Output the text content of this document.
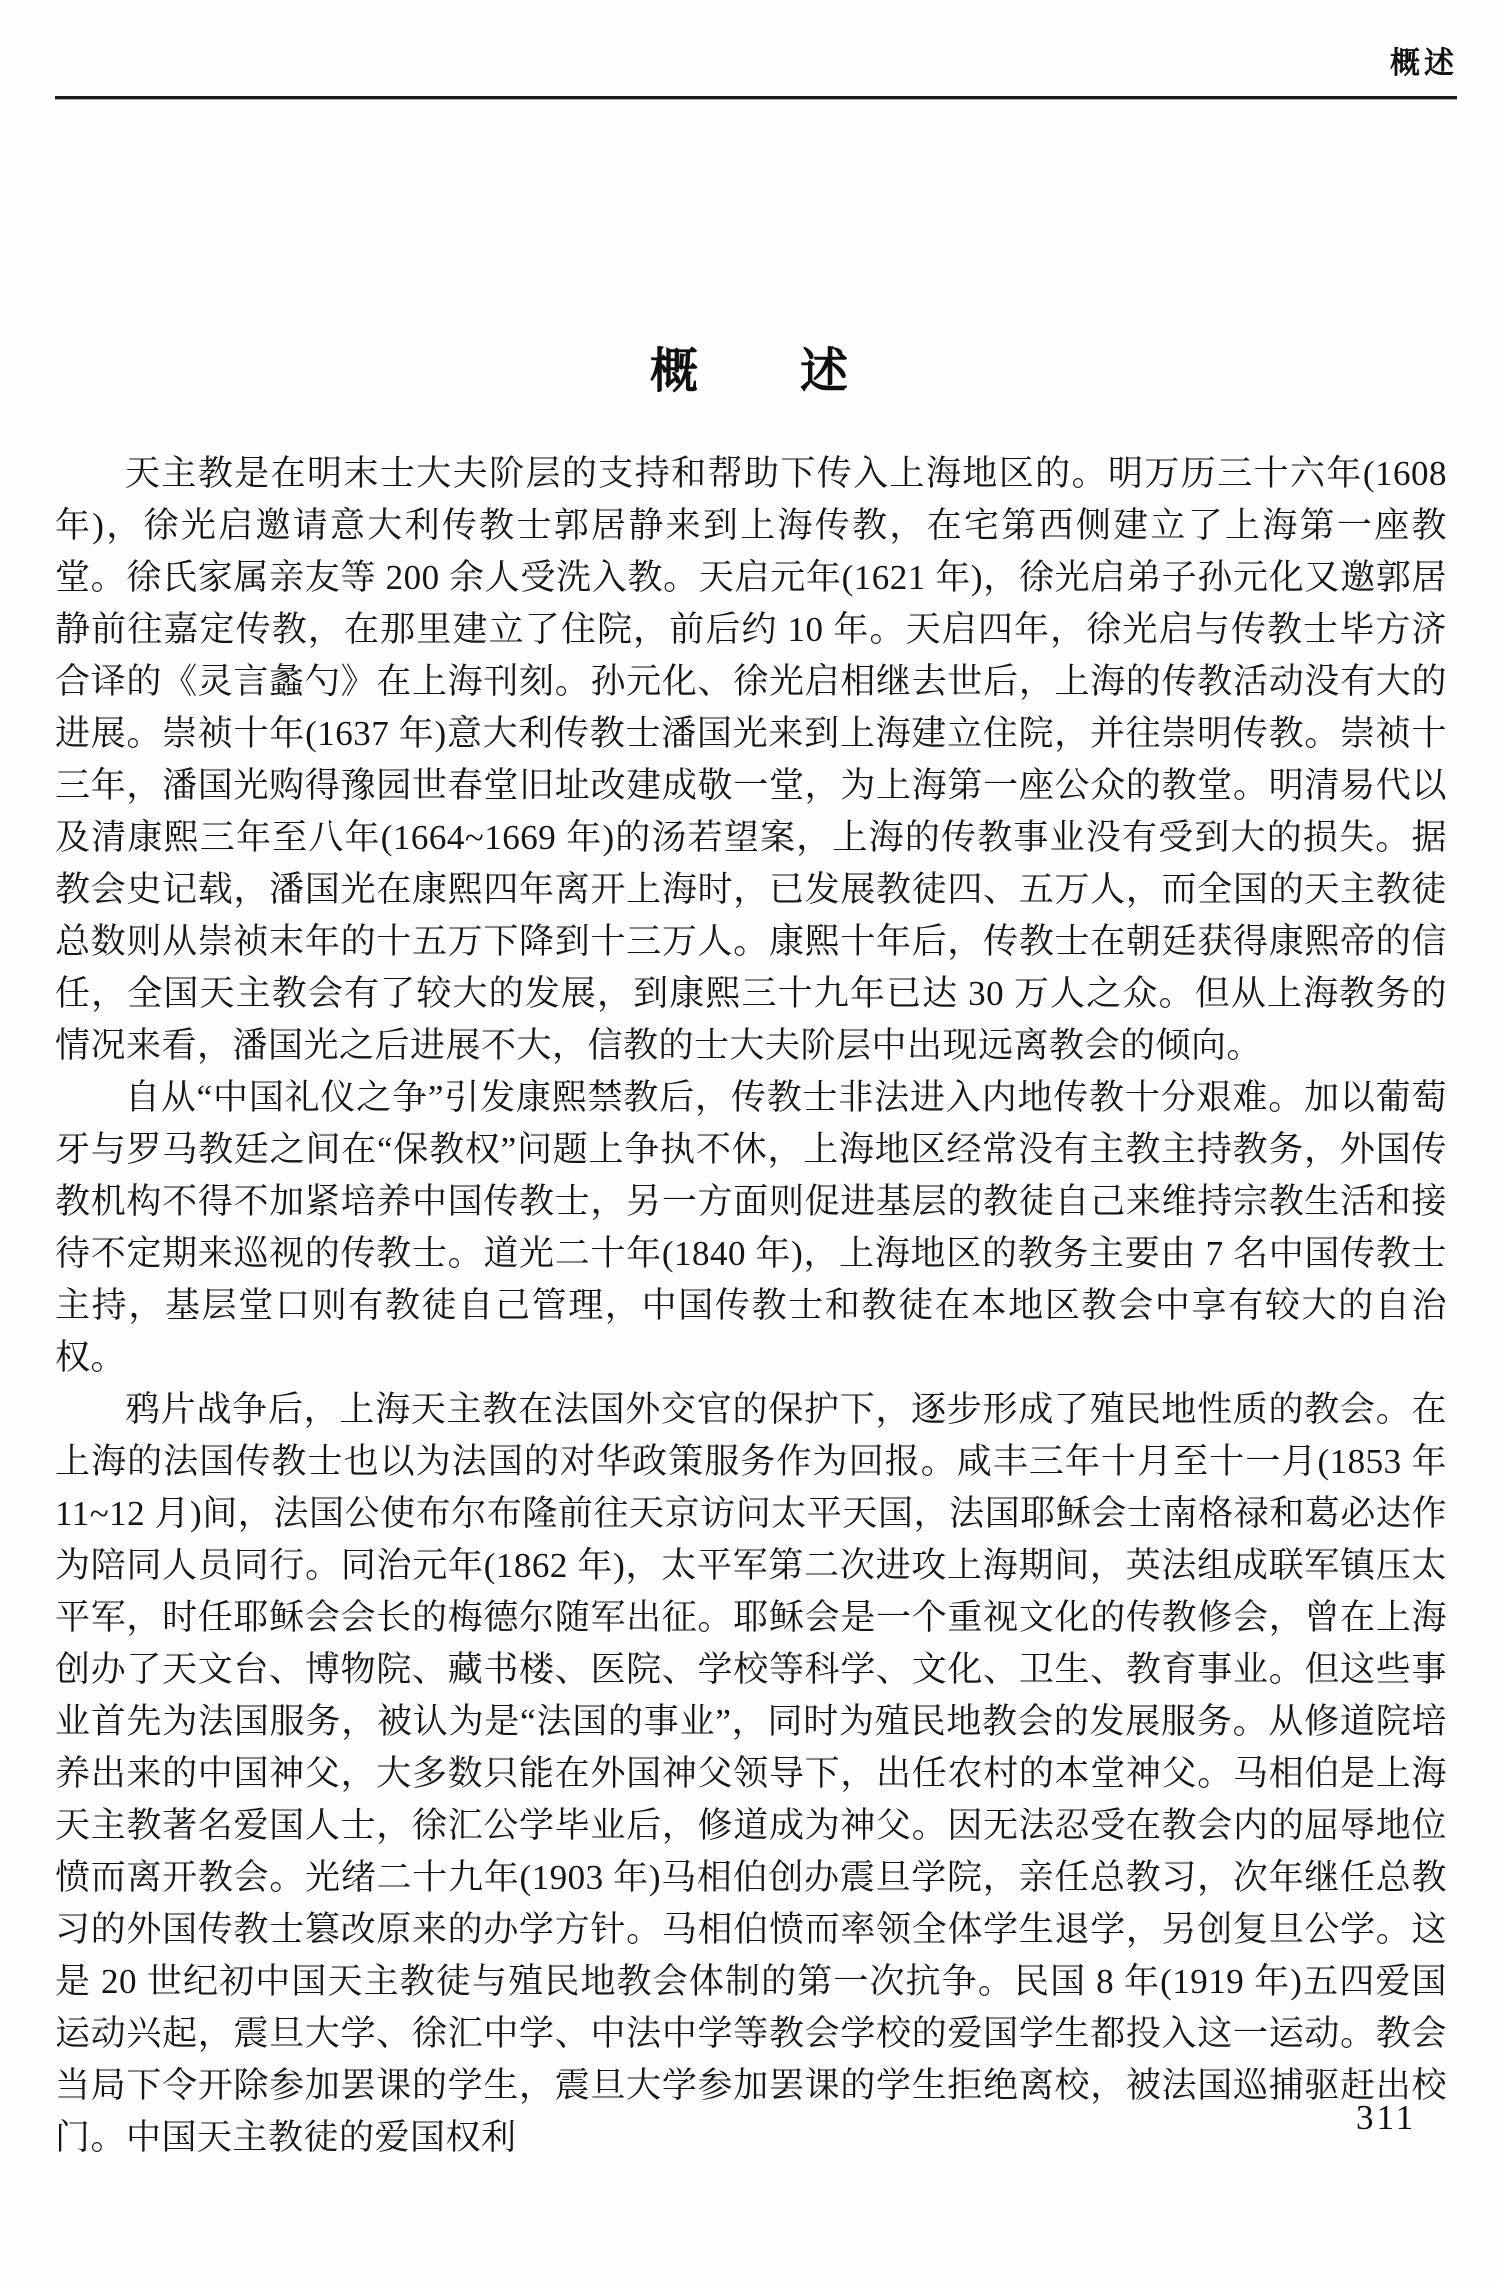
概述
概　　述

天主教是在明末士大夫阶层的支持和帮助下传入上海地区的。明万历三十六年(1608 年)，徐光启邀请意大利传教士郭居静来到上海传教，在宅第西侧建立了上海第一座教堂。徐氏家属亲友等 200 余人受洗入教。天启元年(1621 年)，徐光启弟子孙元化又邀郭居静前往嘉定传教，在那里建立了住院，前后约 10 年。天启四年，徐光启与传教士毕方济合译的《灵言蠡勺》在上海刊刻。孙元化、徐光启相继去世后，上海的传教活动没有大的进展。崇祯十年(1637 年)意大利传教士潘国光来到上海建立住院，并往崇明传教。崇祯十三年，潘国光购得豫园世春堂旧址改建成敬一堂，为上海第一座公众的教堂。明清易代以及清康熙三年至八年(1664~1669 年)的汤若望案，上海的传教事业没有受到大的损失。据教会史记载，潘国光在康熙四年离开上海时，已发展教徒四、五万人，而全国的天主教徒总数则从崇祯末年的十五万下降到十三万人。康熙十年后，传教士在朝廷获得康熙帝的信任，全国天主教会有了较大的发展，到康熙三十九年已达 30 万人之众。但从上海教务的情况来看，潘国光之后进展不大，信教的士大夫阶层中出现远离教会的倾向。

自从“中国礼仪之争”引发康熙禁教后，传教士非法进入内地传教十分艰难。加以葡萄牙与罗马教廷之间在“保教权”问题上争执不休，上海地区经常没有主教主持教务，外国传教机构不得不加紧培养中国传教士，另一方面则促进基层的教徒自己来维持宗教生活和接待不定期来巡视的传教士。道光二十年(1840 年)，上海地区的教务主要由 7 名中国传教士主持，基层堂口则有教徒自己管理，中国传教士和教徒在本地区教会中享有较大的自治权。

鸦片战争后，上海天主教在法国外交官的保护下，逐步形成了殖民地性质的教会。在上海的法国传教士也以为法国的对华政策服务作为回报。咸丰三年十月至十一月(1853 年 11~12 月)间，法国公使布尔布隆前往天京访问太平天国，法国耶稣会士南格禄和葛必达作为陪同人员同行。同治元年(1862 年)，太平军第二次进攻上海期间，英法组成联军镇压太平军，时任耶稣会会长的梅德尔随军出征。耶稣会是一个重视文化的传教修会，曾在上海创办了天文台、博物院、藏书楼、医院、学校等科学、文化、卫生、教育事业。但这些事业首先为法国服务，被认为是“法国的事业”，同时为殖民地教会的发展服务。从修道院培养出来的中国神父，大多数只能在外国神父领导下，出任农村的本堂神父。马相伯是上海天主教著名爱国人士，徐汇公学毕业后，修道成为神父。因无法忍受在教会内的屈辱地位愤而离开教会。光绪二十九年(1903 年)马相伯创办震旦学院，亲任总教习，次年继任总教习的外国传教士篡改原来的办学方针。马相伯愤而率领全体学生退学，另创复旦公学。这是 20 世纪初中国天主教徒与殖民地教会体制的第一次抗争。民国 8 年(1919 年)五四爱国运动兴起，震旦大学、徐汇中学、中法中学等教会学校的爱国学生都投入这一运动。教会当局下令开除参加罢课的学生，震旦大学参加罢课的学生拒绝离校，被法国巡捕驱赶出校门。中国天主教徒的爱国权利

311
